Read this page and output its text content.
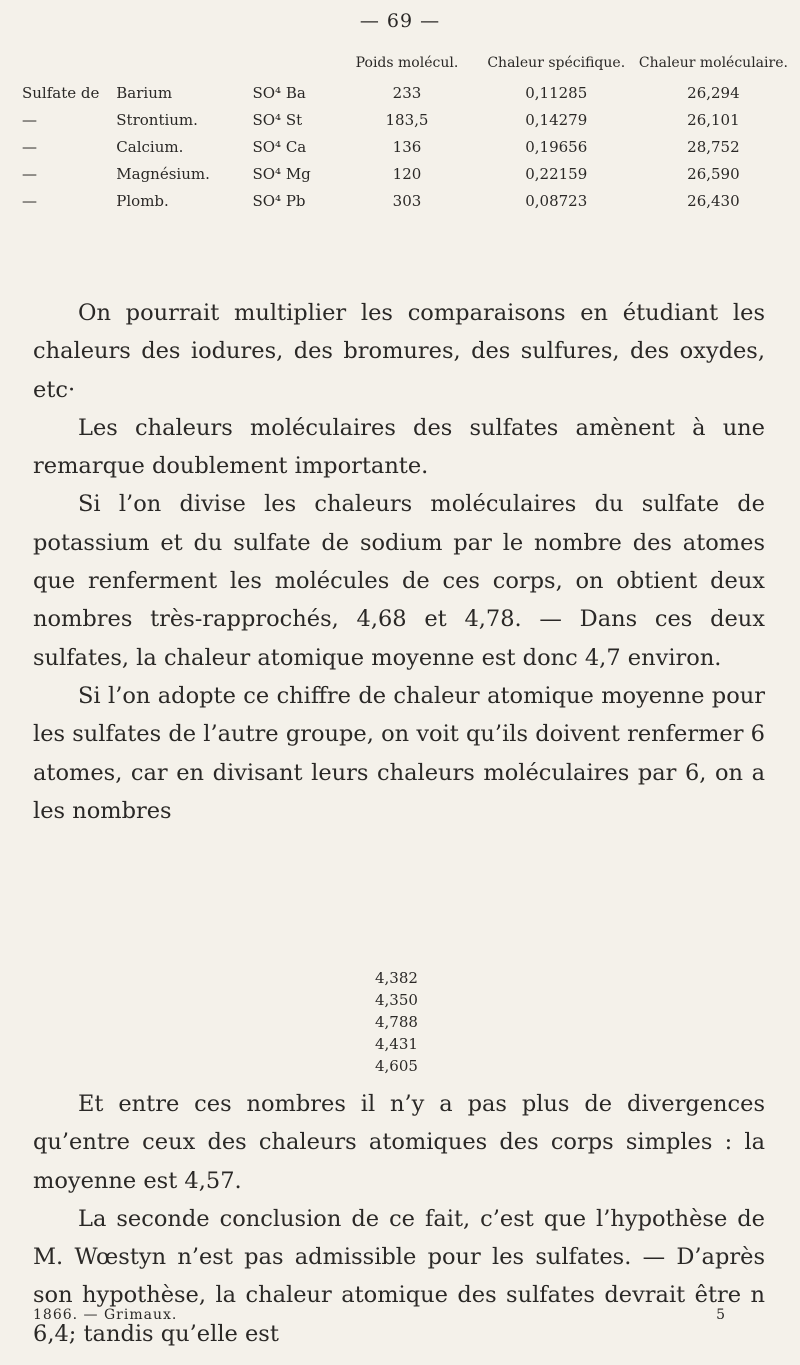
— 69 —
			Poids molécul.	Chaleur spécifique.	Chaleur moléculaire.
Sulfate de	Barium	SO⁴ Ba	233	0,11285	26,294
—	Strontium.	SO⁴ St	183,5	0,14279	26,101
—	Calcium.	SO⁴ Ca	136	0,19656	28,752
—	Magnésium.	SO⁴ Mg	120	0,22159	26,590
—	Plomb.	SO⁴ Pb	303	0,08723	26,430

On pourrait multiplier les comparaisons en étudiant les chaleurs des iodures, des bromures, des sulfures, des oxydes, etc·

Les chaleurs moléculaires des sulfates amènent à une remarque doublement importante.

Si l’on divise les chaleurs moléculaires du sulfate de potassium et du sulfate de sodium par le nombre des atomes que renferment les molécules de ces corps, on obtient deux nombres très-rapprochés, 4,68 et 4,78. — Dans ces deux sulfates, la chaleur atomique moyenne est donc 4,7 environ.

Si l’on adopte ce chiffre de chaleur atomique moyenne pour les sulfates de l’autre groupe, on voit qu’ils doivent renfermer 6 atomes, car en divisant leurs chaleurs moléculaires par 6, on a les nombres

4,382
4,350
4,788
4,431
4,605

Et entre ces nombres il n’y a pas plus de divergences qu’entre ceux des chaleurs atomiques des corps simples : la moyenne est 4,57.

La seconde conclusion de ce fait, c’est que l’hypothèse de M. Wœstyn n’est pas admissible pour les sulfates. — D’après son hypothèse, la chaleur atomique des sulfates devrait être n 6,4; tandis qu’elle est

1866. — Grimaux.	5
